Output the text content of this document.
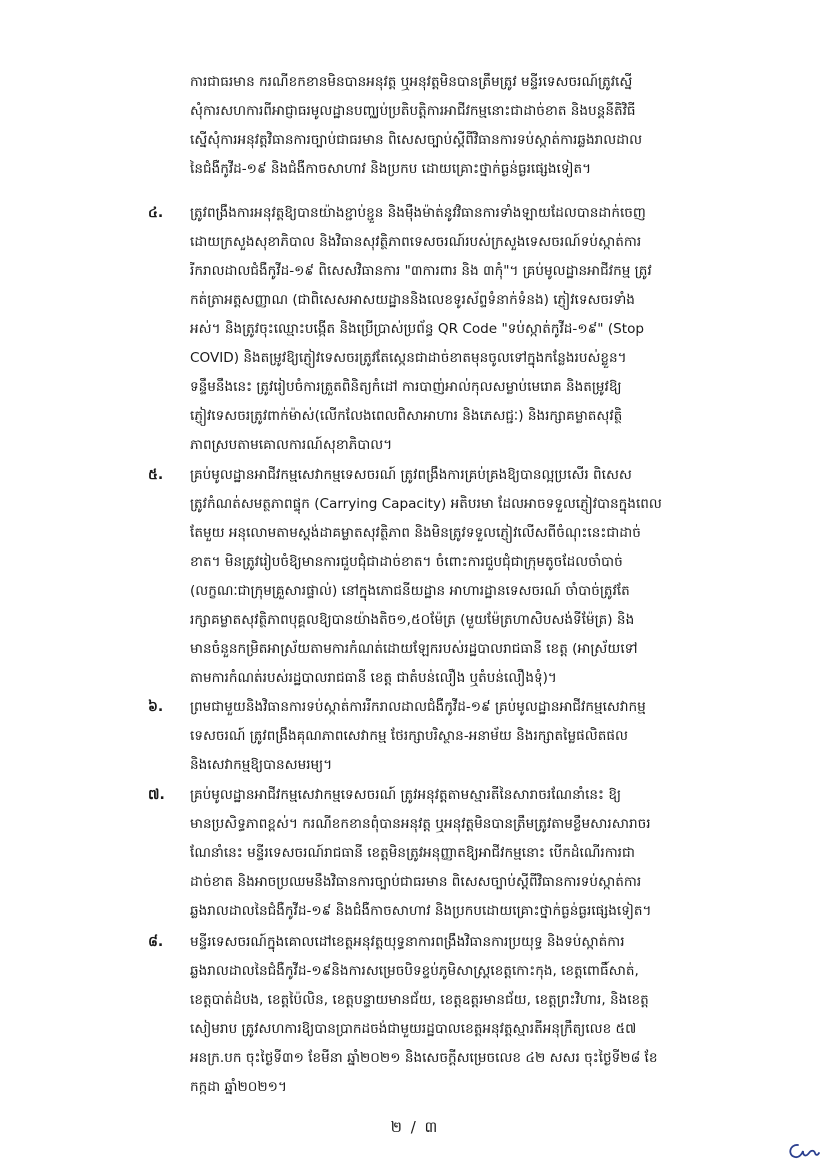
ការជាធរមាន ករណីខកខានមិនបានអនុវត្ត ឬអនុវត្តមិនបានត្រឹមត្រូវ មន្ទីរទេសចរណ៍ត្រូវស្នើ
សុំការសហការពីអាជ្ញាធរមូលដ្ឋានបញ្ឈប់ប្រតិបត្តិការអាជីវកម្មនោះជាដាច់ខាត និងបន្តនីតិវិធី
ស្នើសុំការអនុវត្តវិធានការច្បាប់ជាធរមាន ពិសេសច្បាប់ស្តីពីវិធានការទប់ស្កាត់ការឆ្លងរាលដាល
នៃជំងឺកូវីដ-១៩ និងជំងឺកាចសាហាវ និងប្រកប ដោយគ្រោះថ្នាក់ធ្ងន់ធ្ងរផ្សេងទៀត។
៤.	ត្រូវពង្រឹងការអនុវត្តឱ្យបានយ៉ាងខ្ជាប់ខ្ជួន និងម៉ឺងម៉ាត់នូវវិធានការទាំងឡាយដែលបានដាក់ចេញ
ដោយក្រសួងសុខាភិបាល និងវិធានសុវត្ថិភាពទេសចរណ៍របស់ក្រសួងទេសចរណ៍ទប់ស្កាត់ការ
រីករាលដាលជំងឺកូវីដ-១៩ ពិសេសវិធានការ "៣ការពារ និង ៣កុំ"។ គ្រប់មូលដ្ឋានអាជីវកម្ម ត្រូវ
កត់ត្រាអត្តសញ្ញាណ (ជាពិសេសអាសយដ្ឋាននិងលេខទូរស័ព្ទទំនាក់ទំនង) ភ្ញៀវទេសចរទាំង
អស់។ និងត្រូវចុះឈ្មោះបង្កើត និងប្រើប្រាស់ប្រព័ន្ធ QR Code "ទប់ស្កាត់កូវីដ-១៩" (Stop
COVID) និងតម្រូវឱ្យភ្ញៀវទេសចរត្រូវតែស្កេនជាដាច់ខាតមុនចូលទៅក្នុងកន្លែងរបស់ខ្លួន។
ទន្ទឹមនឹងនេះ ត្រូវរៀបចំការត្រួតពិនិត្យកំដៅ ការបាញ់អាល់កុលសម្លាប់មេរោគ និងតម្រូវឱ្យ
ភ្ញៀវទេសចរត្រូវពាក់ម៉ាស់(លើកលែងពេលពិសាអាហារ និងភេសជ្ជៈ) និងរក្សាគម្លាតសុវត្ថិ
ភាពស្របតាមគោលការណ៍សុខាភិបាល។
៥.	គ្រប់មូលដ្ឋានអាជីវកម្មសេវាកម្មទេសចរណ៍ ត្រូវពង្រឹងការគ្រប់គ្រងឱ្យបានល្អប្រសើរ ពិសេស
ត្រូវកំណត់សមត្ថភាពផ្ទុក (Carrying Capacity) អតិបរមា ដែលអាចទទួលភ្ញៀវបានក្នុងពេល
តែមួយ អនុលោមតាមស្តង់ដាគម្លាតសុវត្ថិភាព និងមិនត្រូវទទួលភ្ញៀវលើសពីចំណុះនេះជាដាច់
ខាត។ មិនត្រូវរៀបចំឱ្យមានការជួបជុំជាដាច់ខាត។ ចំពោះការជួបជុំជាក្រុមតូចដែលចាំបាច់
(លក្ខណៈជាក្រុមគ្រួសារផ្ទាល់) នៅក្នុងភោជនីយដ្ឋាន អាហារដ្ឋានទេសចរណ៍ ចាំបាច់ត្រូវតែ
រក្សាគម្លាតសុវត្ថិភាពបុគ្គលឱ្យបានយ៉ាងតិច១,៥០ម៉ែត្រ (មួយម៉ែត្រហាសិបសង់ទីម៉ែត្រ) និង
មានចំនួនកម្រិតអាស្រ័យតាមការកំណត់ដោយឡែករបស់រដ្ឋបាលរាជធានី ខេត្ត (អាស្រ័យទៅ
តាមការកំណត់របស់រដ្ឋបាលរាជធានី ខេត្ត ជាតំបន់លឿង ឬតំបន់លឿងទុំ)។
៦.	ព្រមជាមួយនិងវិធានការទប់ស្កាត់ការរីករាលដាលជំងឺកូវីដ-១៩ គ្រប់មូលដ្ឋានអាជីវកម្មសេវាកម្ម
ទេសចរណ៍ ត្រូវពង្រឹងគុណភាពសេវាកម្ម ថែរក្សាបរិស្ថាន-អនាម័យ និងរក្សាតម្លៃផលិតផល
និងសេវាកម្មឱ្យបានសមរម្យ។
៧.	គ្រប់មូលដ្ឋានអាជីវកម្មសេវាកម្មទេសចរណ៍ ត្រូវអនុវត្តតាមស្មារតីនៃសារាចរណែនាំនេះ ឱ្យ
មានប្រសិទ្ធភាពខ្ពស់។ ករណីខកខានពុំបានអនុវត្ត ឬអនុវត្តមិនបានត្រឹមត្រូវតាមខ្លឹមសារសារាចរ
ណែនាំនេះ មន្ទីរទេសចរណ៍រាជធានី ខេត្តមិនត្រូវអនុញ្ញាតឱ្យអាជីវកម្មនោះ បើកដំណើរការជា
ដាច់ខាត និងអាចប្រឈមនឹងវិធានការច្បាប់ជាធរមាន ពិសេសច្បាប់ស្តីពីវិធានការទប់ស្កាត់ការ
ឆ្លងរាលដាលនៃជំងឺកូវីដ-១៩ និងជំងឺកាចសាហាវ និងប្រកបដោយគ្រោះថ្នាក់ធ្ងន់ធ្ងរផ្សេងទៀត។
៨.	មន្ទីរទេសចរណ៍ក្នុងគោលដៅខេត្តអនុវត្តយុទ្ធនាការពង្រឹងវិធានការប្រយុទ្ធ និងទប់ស្កាត់ការ
ឆ្លងរាលដាលនៃជំងឺកូវីដ-១៩និងការសម្រេចបិទខ្ទប់ភូមិសាស្ត្រខេត្តកោះកុង, ខេត្តពោធិ៍សាត់,
ខេត្តបាត់ដំបង, ខេត្តប៉ៃលិន, ខេត្តបន្ទាយមានជ័យ, ខេត្តឧត្តរមានជ័យ, ខេត្តព្រះវិហារ, និងខេត្ត
សៀមរាប ត្រូវសហការឱ្យបានប្រាកដចង់ជាមួយរដ្ឋបាលខេត្តអនុវត្តស្មារតីអនុក្រឹត្យលេខ ៥៧
អនក្រ.បក ចុះថ្ងៃទី៣១ ខែមីនា ឆ្នាំ២០២១ និងសេចក្តីសម្រេចលេខ ៤២ សសរ ចុះថ្ងៃទី២៨ ខែ
កក្កដា ឆ្នាំ២០២១។
២ / ៣
